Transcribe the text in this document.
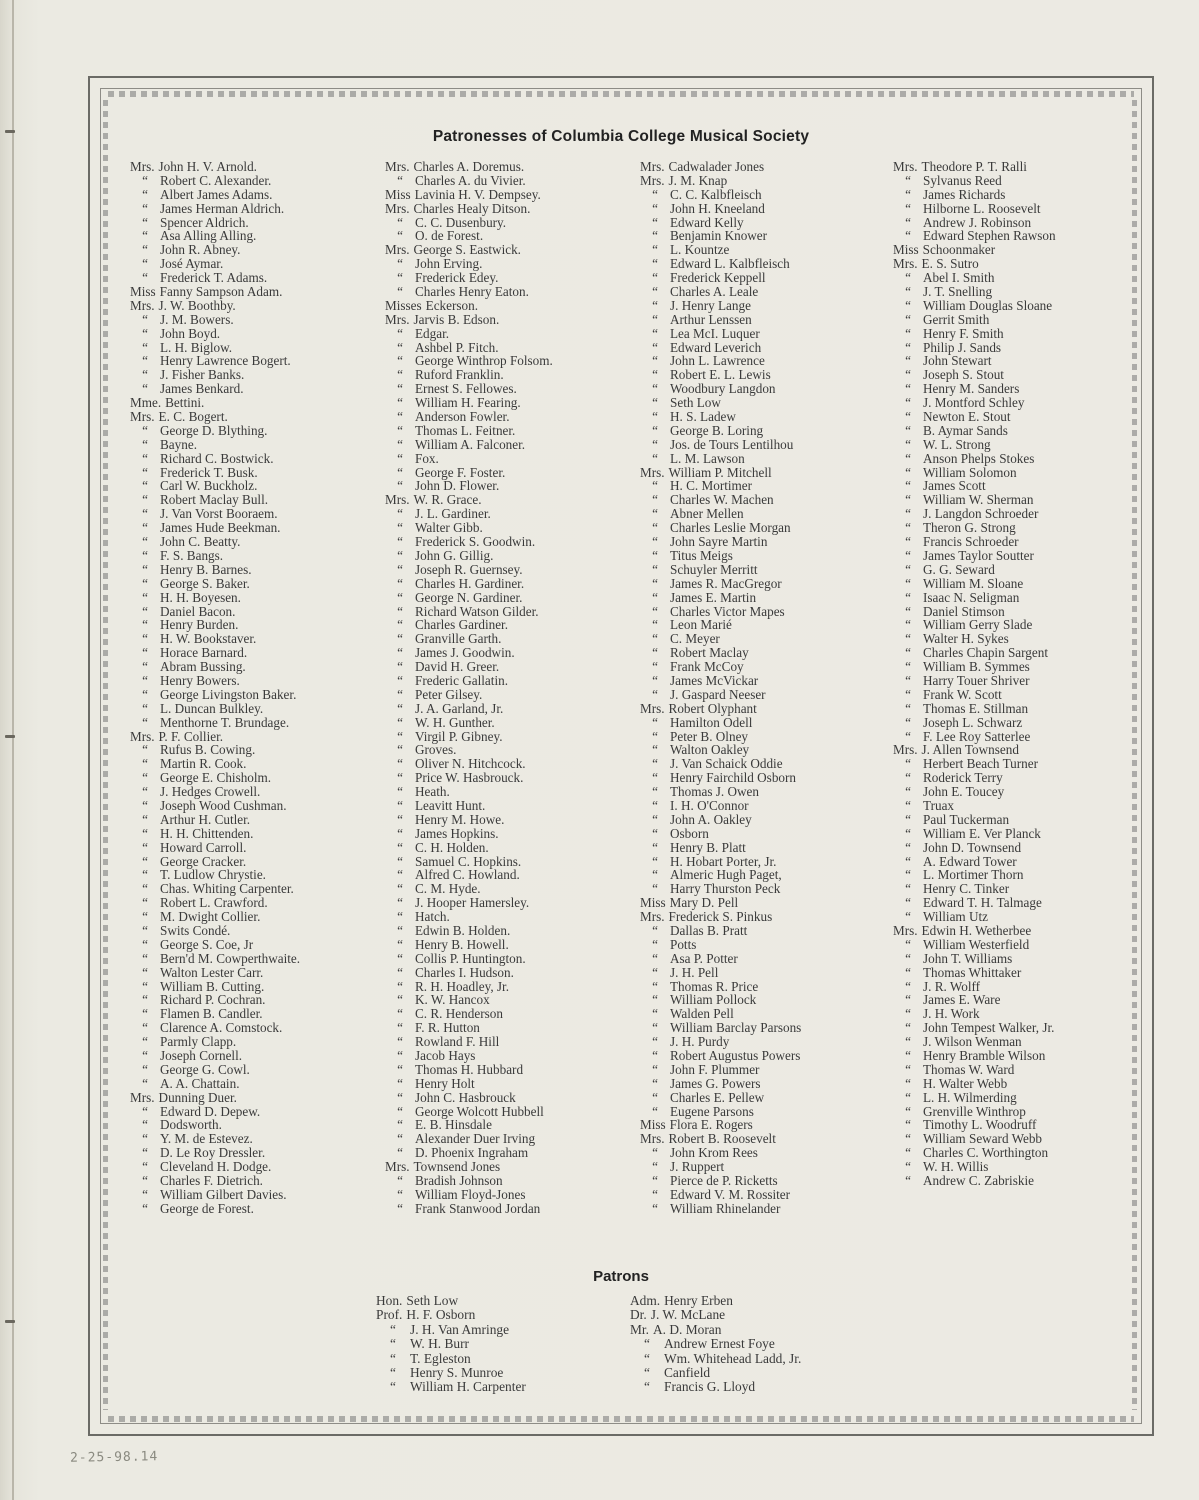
Patronesses of Columbia College Musical Society
Mrs. John H. V. Arnold.
“ Robert C. Alexander.
“ Albert James Adams.
“ James Herman Aldrich.
“ Spencer Aldrich.
“ Asa Alling Alling.
“ John R. Abney.
“ José Aymar.
“ Frederick T. Adams.
Miss Fanny Sampson Adam.
Mrs. J. W. Boothby.
“ J. M. Bowers.
“ John Boyd.
“ L. H. Biglow.
“ Henry Lawrence Bogert.
“ J. Fisher Banks.
“ James Benkard.
Mme. Bettini.
Mrs. E. C. Bogert.
“ George D. Blything.
“ Bayne.
“ Richard C. Bostwick.
“ Frederick T. Busk.
“ Carl W. Buckholz.
“ Robert Maclay Bull.
“ J. Van Vorst Booraem.
“ James Hude Beekman.
“ John C. Beatty.
“ F. S. Bangs.
“ Henry B. Barnes.
“ George S. Baker.
“ H. H. Boyesen.
“ Daniel Bacon.
“ Henry Burden.
“ H. W. Bookstaver.
“ Horace Barnard.
“ Abram Bussing.
“ Henry Bowers.
“ George Livingston Baker.
“ L. Duncan Bulkley.
“ Menthorne T. Brundage.
Mrs. P. F. Collier.
“ Rufus B. Cowing.
“ Martin R. Cook.
“ George E. Chisholm.
“ J. Hedges Crowell.
“ Joseph Wood Cushman.
“ Arthur H. Cutler.
“ H. H. Chittenden.
“ Howard Carroll.
“ George Cracker.
“ T. Ludlow Chrystie.
“ Chas. Whiting Carpenter.
“ Robert L. Crawford.
“ M. Dwight Collier.
“ Swits Condé.
“ George S. Coe, Jr
“ Bern'd M. Cowperthwaite.
“ Walton Lester Carr.
“ William B. Cutting.
“ Richard P. Cochran.
“ Flamen B. Candler.
“ Clarence A. Comstock.
“ Parmly Clapp.
“ Joseph Cornell.
“ George G. Cowl.
“ A. A. Chattain.
Mrs. Dunning Duer.
“ Edward D. Depew.
“ Dodsworth.
“ Y. M. de Estevez.
“ D. Le Roy Dressler.
“ Cleveland H. Dodge.
“ Charles F. Dietrich.
“ William Gilbert Davies.
“ George de Forest.
Mrs. Charles A. Doremus.
“ Charles A. du Vivier.
Miss Lavinia H. V. Dempsey.
Mrs. Charles Healy Ditson.
“ C. C. Dusenbury.
“ O. de Forest.
Mrs. George S. Eastwick.
“ John Erving.
“ Frederick Edey.
“ Charles Henry Eaton.
Misses Eckerson.
Mrs. Jarvis B. Edson.
“ Edgar.
“ Ashbel P. Fitch.
“ George Winthrop Folsom.
“ Ruford Franklin.
“ Ernest S. Fellowes.
“ William H. Fearing.
“ Anderson Fowler.
“ Thomas L. Feitner.
“ William A. Falconer.
“ Fox.
“ George F. Foster.
“ John D. Flower.
Mrs. W. R. Grace.
“ J. L. Gardiner.
“ Walter Gibb.
“ Frederick S. Goodwin.
“ John G. Gillig.
“ Joseph R. Guernsey.
“ Charles H. Gardiner.
“ George N. Gardiner.
“ Richard Watson Gilder.
“ Charles Gardiner.
“ Granville Garth.
“ James J. Goodwin.
“ David H. Greer.
“ Frederic Gallatin.
“ Peter Gilsey.
“ J. A. Garland, Jr.
“ W. H. Gunther.
“ Virgil P. Gibney.
“ Groves.
“ Oliver N. Hitchcock.
“ Price W. Hasbrouck.
“ Heath.
“ Leavitt Hunt.
“ Henry M. Howe.
“ James Hopkins.
“ C. H. Holden.
“ Samuel C. Hopkins.
“ Alfred C. Howland.
“ C. M. Hyde.
“ J. Hooper Hamersley.
“ Hatch.
“ Edwin B. Holden.
“ Henry B. Howell.
“ Collis P. Huntington.
“ Charles I. Hudson.
“ R. H. Hoadley, Jr.
“ K. W. Hancox
“ C. R. Henderson
“ F. R. Hutton
“ Rowland F. Hill
“ Jacob Hays
“ Thomas H. Hubbard
“ Henry Holt
“ John C. Hasbrouck
“ George Wolcott Hubbell
“ E. B. Hinsdale
“ Alexander Duer Irving
“ D. Phoenix Ingraham
Mrs. Townsend Jones
“ Bradish Johnson
“ William Floyd-Jones
“ Frank Stanwood Jordan
Mrs. Cadwalader Jones
Mrs. J. M. Knap
“ C. C. Kalbfleisch
“ John H. Kneeland
“ Edward Kelly
“ Benjamin Knower
“ L. Kountze
“ Edward L. Kalbfleisch
“ Frederick Keppell
“ Charles A. Leale
“ J. Henry Lange
“ Arthur Lenssen
“ Lea McI. Luquer
“ Edward Leverich
“ John L. Lawrence
“ Robert E. L. Lewis
“ Woodbury Langdon
“ Seth Low
“ H. S. Ladew
“ George B. Loring
“ Jos. de Tours Lentilhou
“ L. M. Lawson
Mrs. William P. Mitchell
“ H. C. Mortimer
“ Charles W. Machen
“ Abner Mellen
“ Charles Leslie Morgan
“ John Sayre Martin
“ Titus Meigs
“ Schuyler Merritt
“ James R. MacGregor
“ James E. Martin
“ Charles Victor Mapes
“ Leon Marié
“ C. Meyer
“ Robert Maclay
“ Frank McCoy
“ James McVickar
“ J. Gaspard Neeser
Mrs. Robert Olyphant
“ Hamilton Odell
“ Peter B. Olney
“ Walton Oakley
“ J. Van Schaick Oddie
“ Henry Fairchild Osborn
“ Thomas J. Owen
“ I. H. O'Connor
“ John A. Oakley
“ Osborn
“ Henry B. Platt
“ H. Hobart Porter, Jr.
“ Almeric Hugh Paget,
“ Harry Thurston Peck
Miss Mary D. Pell
Mrs. Frederick S. Pinkus
“ Dallas B. Pratt
“ Potts
“ Asa P. Potter
“ J. H. Pell
“ Thomas R. Price
“ William Pollock
“ Walden Pell
“ William Barclay Parsons
“ J. H. Purdy
“ Robert Augustus Powers
“ John F. Plummer
“ James G. Powers
“ Charles E. Pellew
“ Eugene Parsons
Miss Flora E. Rogers
Mrs. Robert B. Roosevelt
“ John Krom Rees
“ J. Ruppert
“ Pierce de P. Ricketts
“ Edward V. M. Rossiter
“ William Rhinelander
Mrs. Theodore P. T. Ralli
“ Sylvanus Reed
“ James Richards
“ Hilborne L. Roosevelt
“ Andrew J. Robinson
“ Edward Stephen Rawson
Miss Schoonmaker
Mrs. E. S. Sutro
“ Abel I. Smith
“ J. T. Snelling
“ William Douglas Sloane
“ Gerrit Smith
“ Henry F. Smith
“ Philip J. Sands
“ John Stewart
“ Joseph S. Stout
“ Henry M. Sanders
“ J. Montford Schley
“ Newton E. Stout
“ B. Aymar Sands
“ W. L. Strong
“ Anson Phelps Stokes
“ William Solomon
“ James Scott
“ William W. Sherman
“ J. Langdon Schroeder
“ Theron G. Strong
“ Francis Schroeder
“ James Taylor Soutter
“ G. G. Seward
“ William M. Sloane
“ Isaac N. Seligman
“ Daniel Stimson
“ William Gerry Slade
“ Walter H. Sykes
“ Charles Chapin Sargent
“ William B. Symmes
“ Harry Touer Shriver
“ Frank W. Scott
“ Thomas E. Stillman
“ Joseph L. Schwarz
“ F. Lee Roy Satterlee
Mrs. J. Allen Townsend
“ Herbert Beach Turner
“ Roderick Terry
“ John E. Toucey
“ Truax
“ Paul Tuckerman
“ William E. Ver Planck
“ John D. Townsend
“ A. Edward Tower
“ L. Mortimer Thorn
“ Henry C. Tinker
“ Edward T. H. Talmage
“ William Utz
Mrs. Edwin H. Wetherbee
“ William Westerfield
“ John T. Williams
“ Thomas Whittaker
“ J. R. Wolff
“ James E. Ware
“ J. H. Work
“ John Tempest Walker, Jr.
“ J. Wilson Wenman
“ Henry Bramble Wilson
“ Thomas W. Ward
“ H. Walter Webb
“ L. H. Wilmerding
“ Grenville Winthrop
“ Timothy L. Woodruff
“ William Seward Webb
“ Charles C. Worthington
“ W. H. Willis
“ Andrew C. Zabriskie
Patrons
Hon. Seth Low
Prof. H. F. Osborn
“ J. H. Van Amringe
“ W. H. Burr
“ T. Egleston
“ Henry S. Munroe
“ William H. Carpenter
Adm. Henry Erben
Dr. J. W. McLane
Mr. A. D. Moran
“ Andrew Ernest Foye
“ Wm. Whitehead Ladd, Jr.
“ Canfield
“ Francis G. Lloyd
2-25-98.14
